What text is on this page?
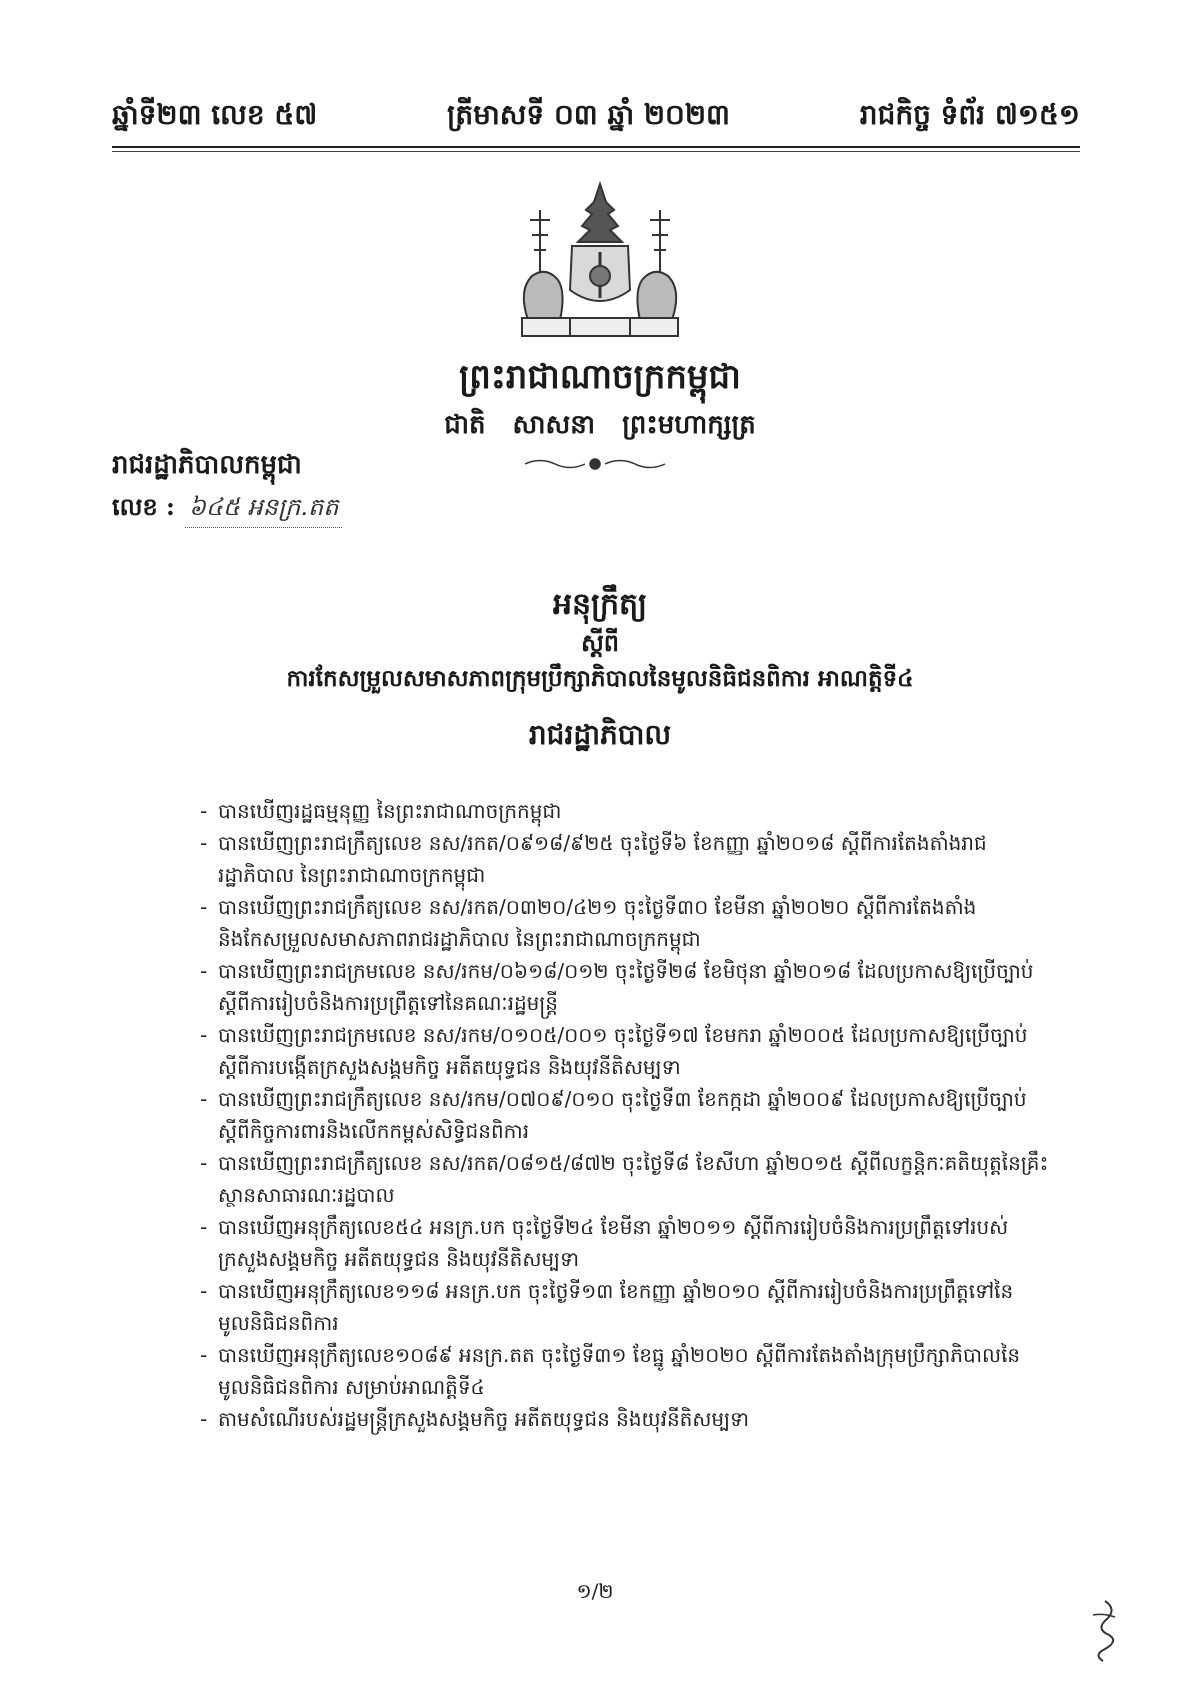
ឆ្នាំទី២៣ លេខ ៥៧	ត្រីមាសទី ០៣ ឆ្នាំ ២០២៣	រាជកិច្ច ទំព័រ ៧១៥១
ព្រះរាជាណាចក្រកម្ពុជា
ជាតិ សាសនា ព្រះមហាក្សត្រ
រាជរដ្ឋាភិបាលកម្ពុជា
លេខ : ៦៤៥ អនក្រ.តត
អនុក្រឹត្យ
ស្តីពី
ការកែសម្រួលសមាសភាពក្រុមប្រឹក្សាភិបាលនៃមូលនិធិជនពិការ អាណត្តិទី៤
រាជរដ្ឋាភិបាល
- បានឃើញរដ្ឋធម្មនុញ្ញ នៃព្រះរាជាណាចក្រកម្ពុជា
- បានឃើញព្រះរាជក្រឹត្យលេខ នស/រកត/០៩១៨/៩២៥ ចុះថ្ងៃទី៦ ខែកញ្ញា ឆ្នាំ២០១៨ ស្តីពីការតែងតាំងរាជរដ្ឋាភិបាល នៃព្រះរាជាណាចក្រកម្ពុជា
- បានឃើញព្រះរាជក្រឹត្យលេខ នស/រកត/០៣២០/៤២១ ចុះថ្ងៃទី៣០ ខែមីនា ឆ្នាំ២០២០ ស្តីពីការតែងតាំង និងកែសម្រួលសមាសភាពរាជរដ្ឋាភិបាល នៃព្រះរាជាណាចក្រកម្ពុជា
- បានឃើញព្រះរាជក្រមលេខ នស/រកម/០៦១៨/០១២ ចុះថ្ងៃទី២៨ ខែមិថុនា ឆ្នាំ២០១៨ ដែលប្រកាសឱ្យប្រើច្បាប់ស្តីពីការរៀបចំនិងការប្រព្រឹត្តទៅនៃគណៈរដ្ឋមន្ត្រី
- បានឃើញព្រះរាជក្រមលេខ នស/រកម/០១០៥/០០១ ចុះថ្ងៃទី១៧ ខែមករា ឆ្នាំ២០០៥ ដែលប្រកាសឱ្យប្រើច្បាប់ស្តីពីការបង្កើតក្រសួងសង្គមកិច្ច អតីតយុទ្ធជន និងយុវនីតិសម្បទា
- បានឃើញព្រះរាជក្រឹត្យលេខ នស/រកម/០៧០៩/០១០ ចុះថ្ងៃទី៣ ខែកក្កដា ឆ្នាំ២០០៩ ដែលប្រកាសឱ្យប្រើច្បាប់ស្តីពីកិច្ចការពារនិងលើកកម្ពស់សិទ្ធិជនពិការ
- បានឃើញព្រះរាជក្រឹត្យលេខ នស/រកត/០៨១៥/៨៧២ ចុះថ្ងៃទី៨ ខែសីហា ឆ្នាំ២០១៥ ស្តីពីលក្ខន្តិកៈគតិយុត្តនៃគ្រឹះស្ថានសាធារណៈរដ្ឋបាល
- បានឃើញអនុក្រឹត្យលេខ៥៤ អនក្រ.បក ចុះថ្ងៃទី២៤ ខែមីនា ឆ្នាំ២០១១ ស្តីពីការរៀបចំនិងការប្រព្រឹត្តទៅរបស់ក្រសួងសង្គមកិច្ច អតីតយុទ្ធជន និងយុវនីតិសម្បទា
- បានឃើញអនុក្រឹត្យលេខ១១៨ អនក្រ.បក ចុះថ្ងៃទី១៣ ខែកញ្ញា ឆ្នាំ២០១០ ស្តីពីការរៀបចំនិងការប្រព្រឹត្តទៅនៃមូលនិធិជនពិការ
- បានឃើញអនុក្រឹត្យលេខ១០៨៩ អនក្រ.តត ចុះថ្ងៃទី៣១ ខែធ្នូ ឆ្នាំ២០២០ ស្តីពីការតែងតាំងក្រុមប្រឹក្សាភិបាលនៃមូលនិធិជនពិការ សម្រាប់អាណត្តិទី៤
- តាមសំណើរបស់រដ្ឋមន្ត្រីក្រសួងសង្គមកិច្ច អតីតយុទ្ធជន និងយុវនីតិសម្បទា
១/២
